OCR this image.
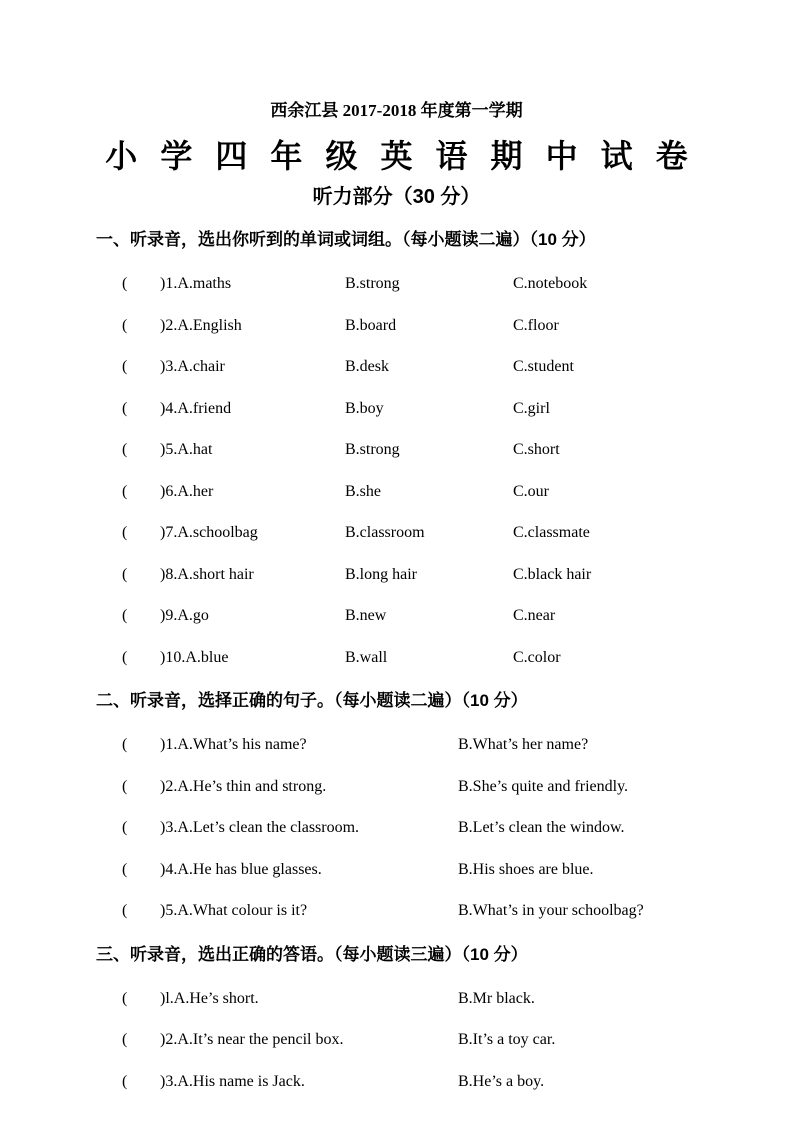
西余江县 2017-2018 年度第一学期
小学四年级英语期中试卷
听力部分（30 分）
一、听录音，选出你听到的单词或词组。（每小题读二遍）（10 分）
(	)1.A.maths	B.strong	C.notebook
(	)2.A.English	B.board	C.floor
(	)3.A.chair	B.desk	C.student
(	)4.A.friend	B.boy	C.girl
(	)5.A.hat	B.strong	C.short
(	)6.A.her	B.she	C.our
(	)7.A.schoolbag	B.classroom	C.classmate
(	)8.A.short hair	B.long hair	C.black hair
(	)9.A.go	B.new	C.near
(	)10.A.blue	B.wall	C.color
二、听录音，选择正确的句子。（每小题读二遍）（10 分）
(	)1.A.What’s his name?	B.What’s her name?
(	)2.A.He’s thin and strong.	B.She’s quite and friendly.
(	)3.A.Let’s clean the classroom.	B.Let’s clean the window.
(	)4.A.He has blue glasses.	B.His shoes are blue.
(	)5.A.What colour is it?	B.What’s in your schoolbag?
三、听录音，选出正确的答语。（每小题读三遍）（10 分）
(	)l.A.He’s short.	B.Mr black.
(	)2.A.It’s near the pencil box.	B.It’s a toy car.
(	)3.A.His name is Jack.	B.He’s a boy.
